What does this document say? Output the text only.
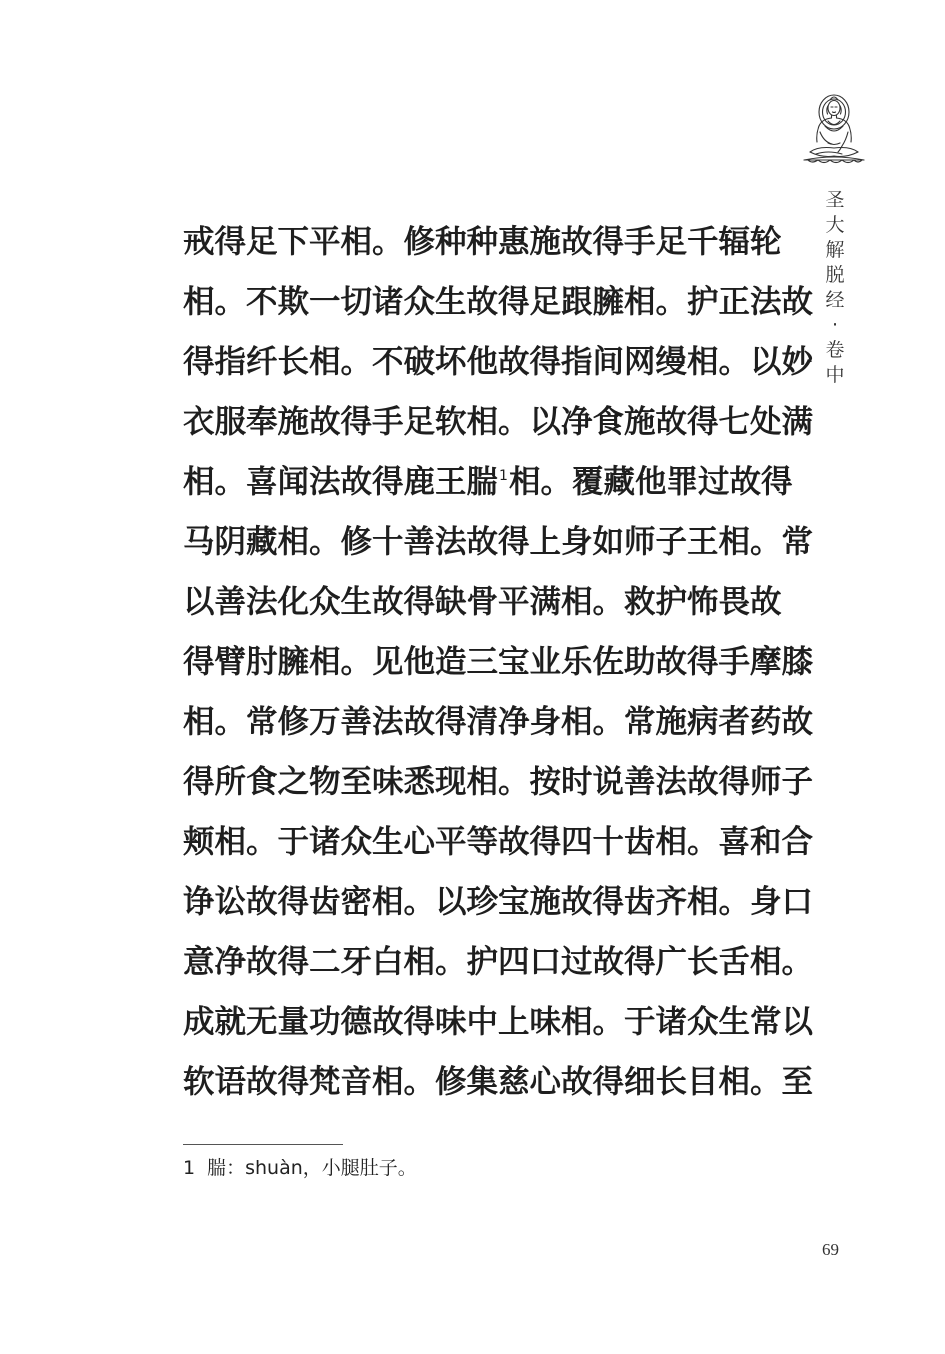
圣
大
解
脱
经
·
卷
中
戒得足下平相。修种种惠施故得手足千辐轮
相。不欺一切诸众生故得足跟臃相。护正法故
得指纤长相。不破坏他故得指间网缦相。以妙
衣服奉施故得手足软相。以净食施故得七处满
相。喜闻法故得鹿王腨$^1$相。覆藏他罪过故得
马阴藏相。修十善法故得上身如师子王相。常
以善法化众生故得缺骨平满相。救护怖畏故
得臂肘臃相。见他造三宝业乐佐助故得手摩膝
相。常修万善法故得清净身相。常施病者药故
得所食之物至味悉现相。按时说善法故得师子
颊相。于诸众生心平等故得四十齿相。喜和合
诤讼故得齿密相。以珍宝施故得齿齐相。身口
意净故得二牙白相。护四口过故得广长舌相。
成就无量功德故得味中上味相。于诸众生常以
软语故得梵音相。修集慈心故得细长目相。至
1 腨：shuàn，小腿肚子。
69
